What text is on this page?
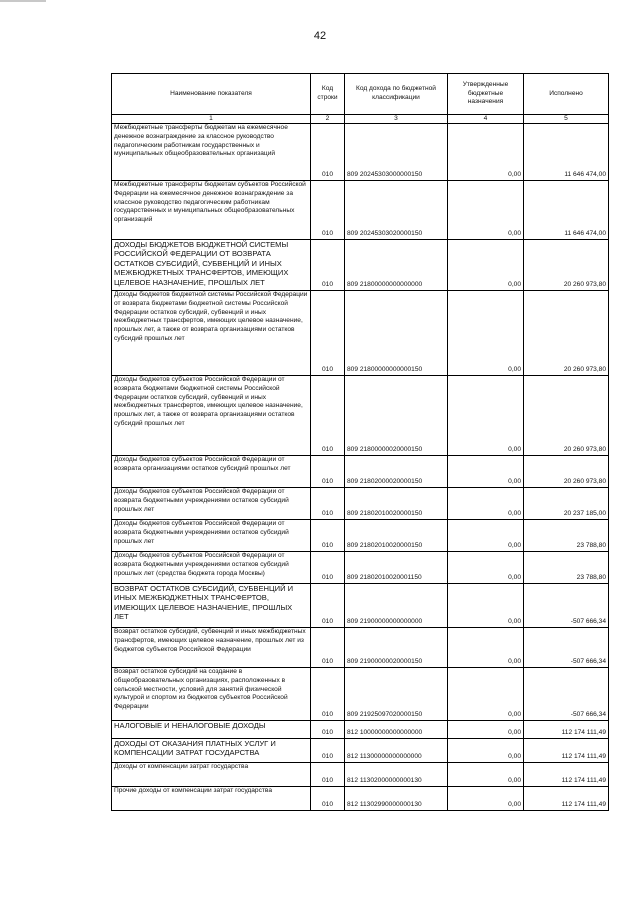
42
Наименование показателя	Код строки	Код дохода по бюджетной классификации	Утвержденные бюджетные назначения	Исполнено
1	2	3	4	5
Межбюджетные трансферты бюджетам на ежемесячное денежное вознаграждение за классное руководство педагогическим работникам государственных и муниципальных общеобразовательных организаций	010	809 20245303000000150	0,00	11 646 474,00
Межбюджетные трансферты бюджетам субъектов Российской Федерации на ежемесячное денежное вознаграждение за классное руководство педагогическим работникам государственных и муниципальных общеобразовательных организаций	010	809 20245303020000150	0,00	11 646 474,00
ДОХОДЫ БЮДЖЕТОВ БЮДЖЕТНОЙ СИСТЕМЫ РОССИЙСКОЙ ФЕДЕРАЦИИ ОТ ВОЗВРАТА ОСТАТКОВ СУБСИДИЙ, СУБВЕНЦИЙ И ИНЫХ МЕЖБЮДЖЕТНЫХ ТРАНСФЕРТОВ, ИМЕЮЩИХ ЦЕЛЕВОЕ НАЗНАЧЕНИЕ, ПРОШЛЫХ ЛЕТ	010	809 21800000000000000	0,00	20 260 973,80
Доходы бюджетов бюджетной системы Российской Федерации от возврата бюджетами бюджетной системы Российской Федерации остатков субсидий, субвенций и иных межбюджетных трансфертов, имеющих целевое назначение, прошлых лет, а также от возврата организациями остатков субсидий прошлых лет	010	809 21800000000000150	0,00	20 260 973,80
Доходы бюджетов субъектов Российской Федерации от возврата бюджетами бюджетной системы Российской Федерации остатков субсидий, субвенций и иных межбюджетных трансфертов, имеющих целевое назначение, прошлых лет, а также от возврата организациями остатков субсидий прошлых лет	010	809 21800000020000150	0,00	20 260 973,80
Доходы бюджетов субъектов Российской Федерации от возврата организациями остатков субсидий прошлых лет	010	809 21802000020000150	0,00	20 260 973,80
Доходы бюджетов субъектов Российской Федерации от возврата бюджетными учреждениями остатков субсидий прошлых лет	010	809 21802010020000150	0,00	20 237 185,00
Доходы бюджетов субъектов Российской Федерации от возврата бюджетными учреждениями остатков субсидий прошлых лет	010	809 21802010020000150	0,00	23 788,80
Доходы бюджетов субъектов Российской Федерации от возврата бюджетными учреждениями остатков субсидий прошлых лет (средства бюджета города Москвы)	010	809 21802010020001150	0,00	23 788,80
ВОЗВРАТ ОСТАТКОВ СУБСИДИЙ, СУБВЕНЦИЙ И ИНЫХ МЕЖБЮДЖЕТНЫХ ТРАНСФЕРТОВ, ИМЕЮЩИХ ЦЕЛЕВОЕ НАЗНАЧЕНИЕ, ПРОШЛЫХ ЛЕТ	010	809 21900000000000000	0,00	-507 666,34
Возврат остатков субсидий, субвенций и иных межбюджетных трансфертов, имеющих целевое назначение, прошлых лет из бюджетов субъектов Российской Федерации	010	809 21900000020000150	0,00	-507 666,34
Возврат остатков субсидий на создание в общеобразовательных организациях, расположенных в сельской местности, условий для занятий физической культурой и спортом из бюджетов субъектов Российской Федерации	010	809 21925097020000150	0,00	-507 666,34
НАЛОГОВЫЕ И НЕНАЛОГОВЫЕ ДОХОДЫ	010	812 10000000000000000	0,00	112 174 111,49
ДОХОДЫ ОТ ОКАЗАНИЯ ПЛАТНЫХ УСЛУГ И КОМПЕНСАЦИИ ЗАТРАТ ГОСУДАРСТВА	010	812 11300000000000000	0,00	112 174 111,49
Доходы от компенсации затрат государства	010	812 11302000000000130	0,00	112 174 111,49
Прочие доходы от компенсации затрат государства	010	812 11302990000000130	0,00	112 174 111,49
